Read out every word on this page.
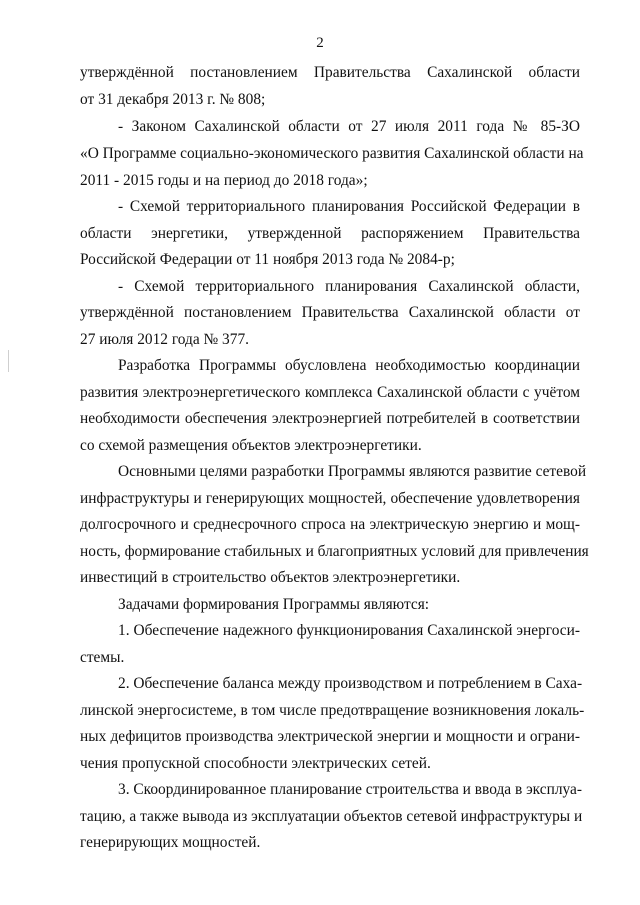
2
утверждённой постановлением Правительства Сахалинской области
от 31 декабря 2013 г. № 808;
- Законом Сахалинской области от 27 июля 2011 года № 85-ЗО
«О Программе социально-экономического развития Сахалинской области на
2011 - 2015 годы и на период до 2018 года»;
- Схемой территориального планирования Российской Федерации в
области энергетики, утвержденной распоряжением Правительства
Российской Федерации от 11 ноября 2013 года № 2084-р;
- Схемой территориального планирования Сахалинской области,
утверждённой постановлением Правительства Сахалинской области от
27 июля 2012 года № 377.
Разработка Программы обусловлена необходимостью координации
развития электроэнергетического комплекса Сахалинской области с учётом
необходимости обеспечения электроэнергией потребителей в соответствии
со схемой размещения объектов электроэнергетики.
Основными целями разработки Программы являются развитие сетевой
инфраструктуры и генерирующих мощностей, обеспечение удовлетворения
долгосрочного и среднесрочного спроса на электрическую энергию и мощ-
ность, формирование стабильных и благоприятных условий для привлечения
инвестиций в строительство объектов электроэнергетики.
Задачами формирования Программы являются:
1. Обеспечение надежного функционирования Сахалинской энергоси-
стемы.
2. Обеспечение баланса между производством и потреблением в Саха-
линской энергосистеме, в том числе предотвращение возникновения локаль-
ных дефицитов производства электрической энергии и мощности и ограни-
чения пропускной способности электрических сетей.
3. Скоординированное планирование строительства и ввода в эксплуа-
тацию, а также вывода из эксплуатации объектов сетевой инфраструктуры и
генерирующих мощностей.
